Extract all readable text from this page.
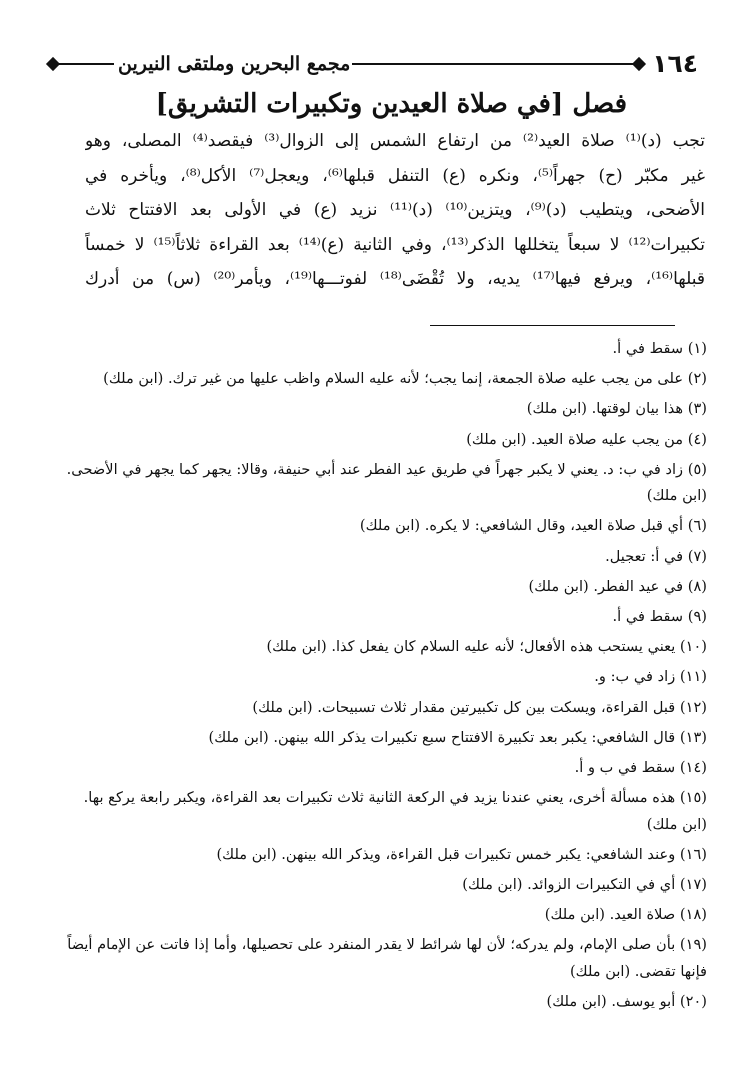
١٦٤
مجمع البحرين وملتقى النيرين
فصل [في صلاة العيدين وتكبيرات التشريق]
تجب (د)⁽¹⁾ صلاة العيد⁽²⁾ من ارتفاع الشمس إلى الزوال⁽³⁾ فيقصد⁽⁴⁾ المصلى، وهو
غير مكبّر (ح) جهراً⁽⁵⁾، ونكره (ع) التنفل قبلها⁽⁶⁾، ويعجل⁽⁷⁾ الأكل⁽⁸⁾، ويأخره في
الأضحى، ويتطيب (د)⁽⁹⁾، ويتزين⁽¹⁰⁾ (د)⁽¹¹⁾ نزيد (ع) في الأولى بعد الافتتاح ثلاث
تكبيرات⁽¹²⁾ لا سبعاً يتخللها الذكر⁽¹³⁾، وفي الثانية (ع)⁽¹⁴⁾ بعد القراءة ثلاثاً⁽¹⁵⁾ لا خمساً
قبلها⁽¹⁶⁾، ويرفع فيها⁽¹⁷⁾ يديه، ولا تُقْضَى⁽¹⁸⁾ لفوتـــها⁽¹⁹⁾، ويأمر⁽²⁰⁾ (س) من أدرك
(١) سقط في أ.
(٢) على من يجب عليه صلاة الجمعة، إنما يجب؛ لأنه عليه السلام واظب عليها من غير ترك. (ابن ملك)
(٣) هذا بيان لوقتها. (ابن ملك)
(٤) من يجب عليه صلاة العيد. (ابن ملك)
(٥) زاد في ب: د. يعني لا يكبر جهراً في طريق عيد الفطر عند أبي حنيفة، وقالا: يجهر كما يجهر في الأضحى. (ابن ملك)
(٦) أي قبل صلاة العيد، وقال الشافعي: لا يكره. (ابن ملك)
(٧) في أ: تعجيل.
(٨) في عيد الفطر. (ابن ملك)
(٩) سقط في أ.
(١٠) يعني يستحب هذه الأفعال؛ لأنه عليه السلام كان يفعل كذا. (ابن ملك)
(١١) زاد في ب: و.
(١٢) قبل القراءة، ويسكت بين كل تكبيرتين مقدار ثلاث تسبيحات. (ابن ملك)
(١٣) قال الشافعي: يكبر بعد تكبيرة الافتتاح سبع تكبيرات يذكر الله بينهن. (ابن ملك)
(١٤) سقط في ب و أ.
(١٥) هذه مسألة أخرى، يعني عندنا يزيد في الركعة الثانية ثلاث تكبيرات بعد القراءة، ويكبر رابعة يركع بها. (ابن ملك)
(١٦) وعند الشافعي: يكبر خمس تكبيرات قبل القراءة، ويذكر الله بينهن. (ابن ملك)
(١٧) أي في التكبيرات الزوائد. (ابن ملك)
(١٨) صلاة العيد. (ابن ملك)
(١٩) بأن صلى الإمام، ولم يدركه؛ لأن لها شرائط لا يقدر المنفرد على تحصيلها، وأما إذا فاتت عن الإمام أيضاً فإنها تقضى. (ابن ملك)
(٢٠) أبو يوسف. (ابن ملك)
